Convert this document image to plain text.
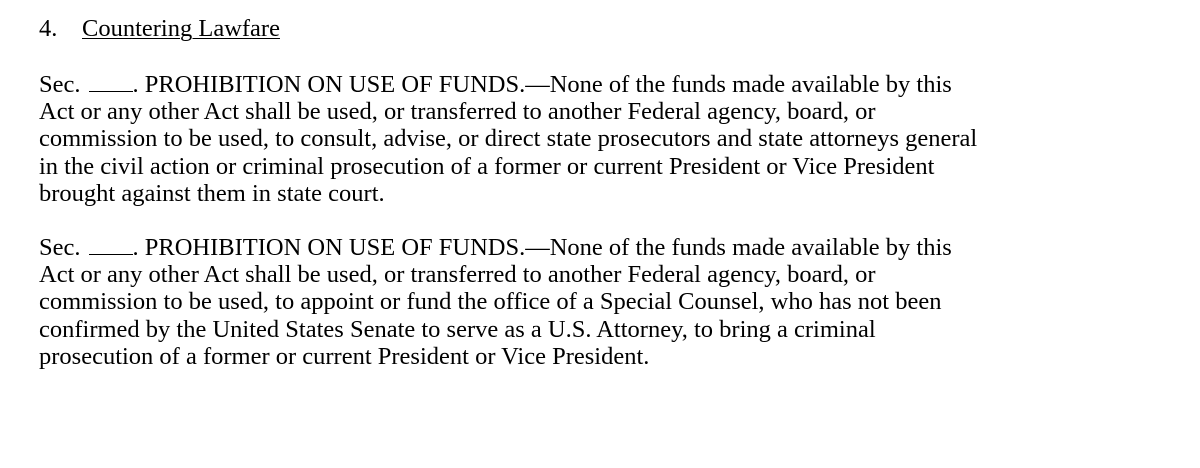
4. Countering Lawfare
Sec. . PROHIBITION ON USE OF FUNDS.—None of the funds made available by this
Act or any other Act shall be used, or transferred to another Federal agency, board, or
commission to be used, to consult, advise, or direct state prosecutors and state attorneys general
in the civil action or criminal prosecution of a former or current President or Vice President
brought against them in state court.
Sec. . PROHIBITION ON USE OF FUNDS.—None of the funds made available by this
Act or any other Act shall be used, or transferred to another Federal agency, board, or
commission to be used, to appoint or fund the office of a Special Counsel, who has not been
confirmed by the United States Senate to serve as a U.S. Attorney, to bring a criminal
prosecution of a former or current President or Vice President.
